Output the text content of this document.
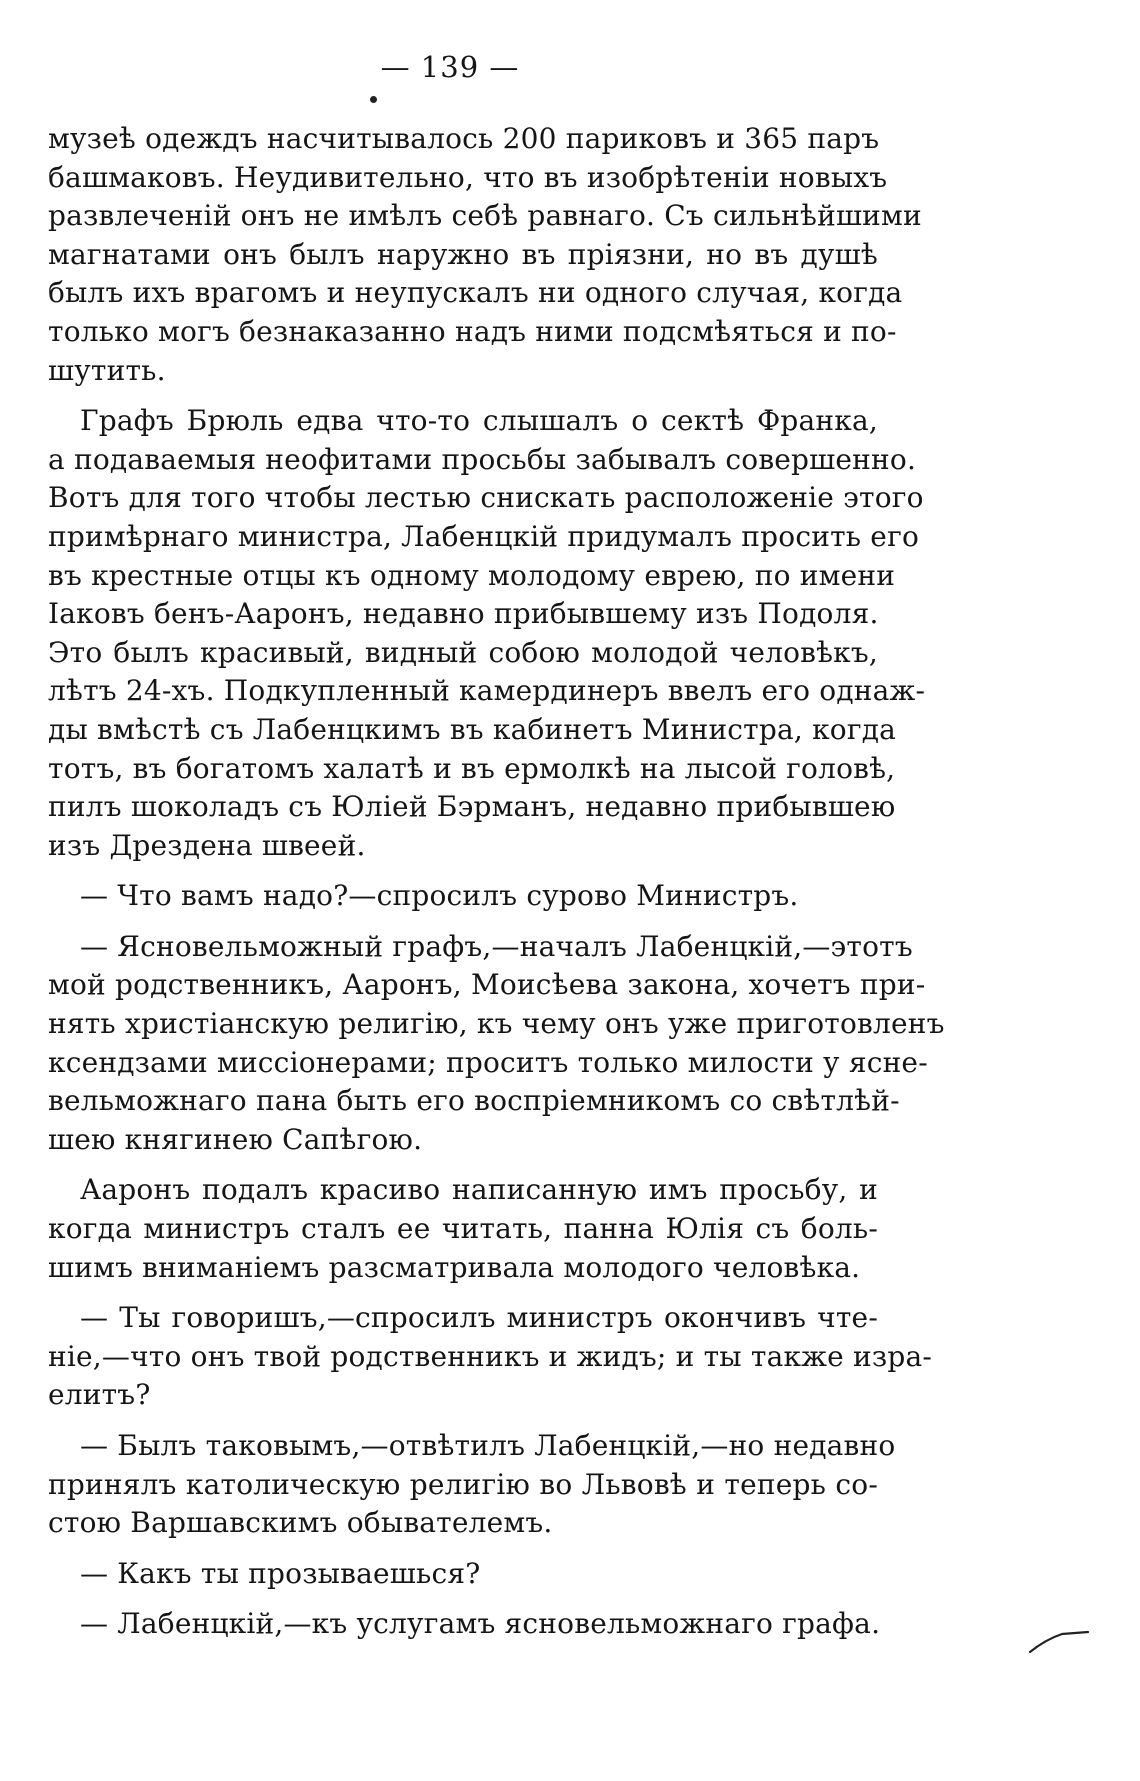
— 139 —
музеѣ одеждъ насчитывалось 200 париковъ и 365 паръ
башмаковъ. Неудивительно, что въ изобрѣтеніи новыхъ
развлеченій онъ не имѣлъ себѣ равнаго. Съ сильнѣйшими
магнатами онъ былъ наружно въ пріязни, но въ душѣ
былъ ихъ врагомъ и неупускалъ ни одного случая, когда
только могъ безнаказанно надъ ними подсмѣяться и по-
шутить.
Графъ Брюль едва что-то слышалъ о сектѣ Франка,
а подаваемыя неофитами просьбы забывалъ совершенно.
Вотъ для того чтобы лестью снискать расположеніе этого
примѣрнаго министра, Лабенцкій придумалъ просить его
въ крестные отцы къ одному молодому еврею, по имени
Іаковъ бенъ-Ааронъ, недавно прибывшему изъ Подоля.
Это былъ красивый, видный собою молодой человѣкъ,
лѣтъ 24-хъ. Подкупленный камердинеръ ввелъ его однаж-
ды вмѣстѣ съ Лабенцкимъ въ кабинетъ Министра, когда
тотъ, въ богатомъ халатѣ и въ ермолкѣ на лысой головѣ,
пилъ шоколадъ съ Юліей Бэрманъ, недавно прибывшею
изъ Дрездена швеей.
— Что вамъ надо?—спросилъ сурово Министръ.
— Ясновельможный графъ,—началъ Лабенцкій,—этотъ
мой родственникъ, Ааронъ, Моисѣева закона, хочетъ при-
нять христіанскую религію, къ чему онъ уже приготовленъ
ксендзами миссіонерами; проситъ только милости у ясне-
вельможнаго пана быть его воспріемникомъ со свѣтлѣй-
шею княгинею Сапѣгою.
Ааронъ подалъ красиво написанную имъ просьбу, и
когда министръ сталъ ее читать, панна Юлія съ боль-
шимъ вниманіемъ разсматривала молодого человѣка.
— Ты говоришъ,—спросилъ министръ окончивъ чте-
ніе,—что онъ твой родственникъ и жидъ; и ты также изра-
елитъ?
— Былъ таковымъ,—отвѣтилъ Лабенцкій,—но недавно
принялъ католическую религію во Львовѣ и теперь со-
стою Варшавскимъ обывателемъ.
— Какъ ты прозываешься?
— Лабенцкій,—къ услугамъ ясновельможнаго графа.
